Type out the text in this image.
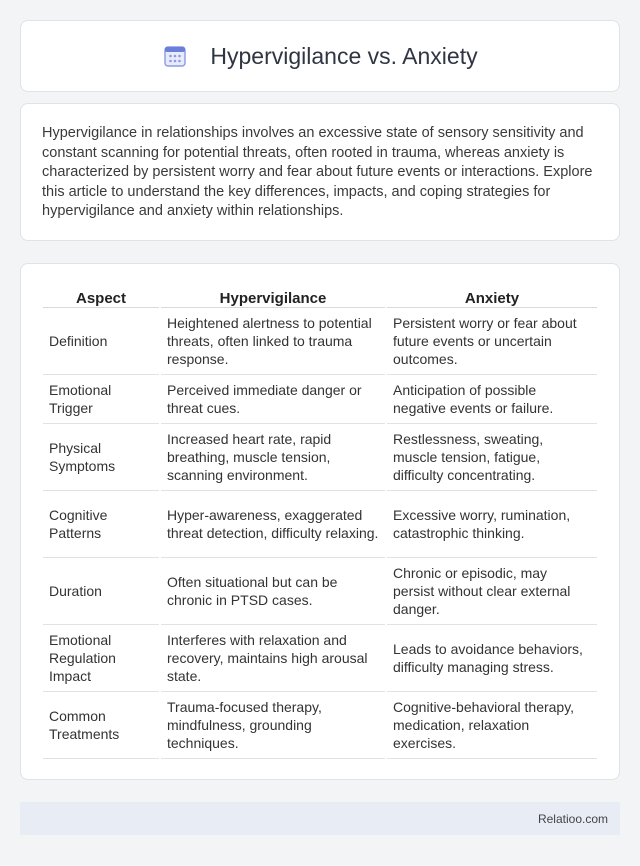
Hypervigilance vs. Anxiety

Hypervigilance in relationships involves an excessive state of sensory sensitivity and constant scanning for potential threats, often rooted in trauma, whereas anxiety is characterized by persistent worry and fear about future events or interactions. Explore this article to understand the key differences, impacts, and coping strategies for hypervigilance and anxiety within relationships.

Aspect	Hypervigilance	Anxiety
Definition	Heightened alertness to potential threats, often linked to trauma response.	Persistent worry or fear about future events or uncertain outcomes.
Emotional Trigger	Perceived immediate danger or threat cues.	Anticipation of possible negative events or failure.
Physical Symptoms	Increased heart rate, rapid breathing, muscle tension, scanning environment.	Restlessness, sweating, muscle tension, fatigue, difficulty concentrating.
Cognitive Patterns	Hyper-awareness, exaggerated threat detection, difficulty relaxing.	Excessive worry, rumination, catastrophic thinking.
Duration	Often situational but can be chronic in PTSD cases.	Chronic or episodic, may persist without clear external danger.
Emotional Regulation Impact	Interferes with relaxation and recovery, maintains high arousal state.	Leads to avoidance behaviors, difficulty managing stress.
Common Treatments	Trauma-focused therapy, mindfulness, grounding techniques.	Cognitive-behavioral therapy, medication, relaxation exercises.
Relatioo.com
